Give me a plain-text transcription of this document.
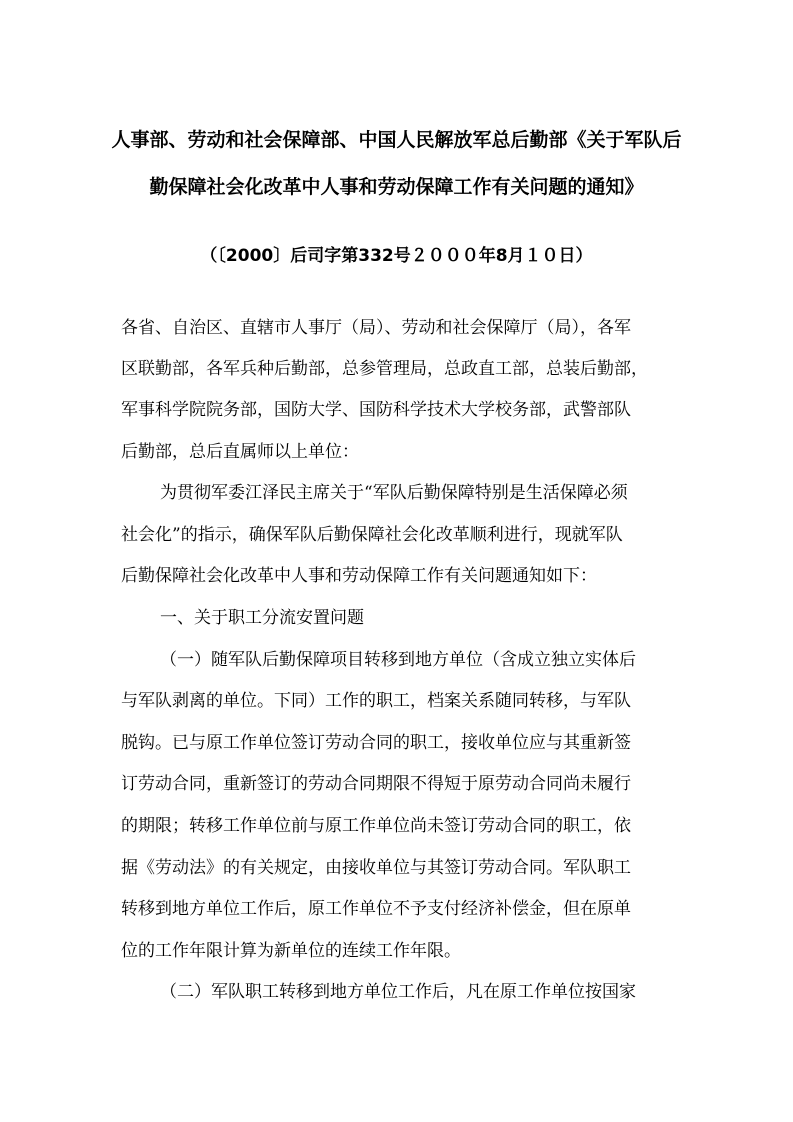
人事部、劳动和社会保障部、中国人民解放军总后勤部《关于军队后
勤保障社会化改革中人事和劳动保障工作有关问题的通知》
（〔2000〕后司字第332号２０００年8月１０日）
各省、自治区、直辖市人事厅（局）、劳动和社会保障厅（局），各军
区联勤部，各军兵种后勤部，总参管理局，总政直工部，总装后勤部，
军事科学院院务部，国防大学、国防科学技术大学校务部，武警部队
后勤部，总后直属师以上单位：
为贯彻军委江泽民主席关于“军队后勤保障特别是生活保障必须
社会化”的指示，确保军队后勤保障社会化改革顺利进行，现就军队
后勤保障社会化改革中人事和劳动保障工作有关问题通知如下：
一、关于职工分流安置问题
（一）随军队后勤保障项目转移到地方单位（含成立独立实体后
与军队剥离的单位。下同）工作的职工，档案关系随同转移，与军队
脱钩。已与原工作单位签订劳动合同的职工，接收单位应与其重新签
订劳动合同，重新签订的劳动合同期限不得短于原劳动合同尚未履行
的期限；转移工作单位前与原工作单位尚未签订劳动合同的职工，依
据《劳动法》的有关规定，由接收单位与其签订劳动合同。军队职工
转移到地方单位工作后，原工作单位不予支付经济补偿金，但在原单
位的工作年限计算为新单位的连续工作年限。
（二）军队职工转移到地方单位工作后，凡在原工作单位按国家
